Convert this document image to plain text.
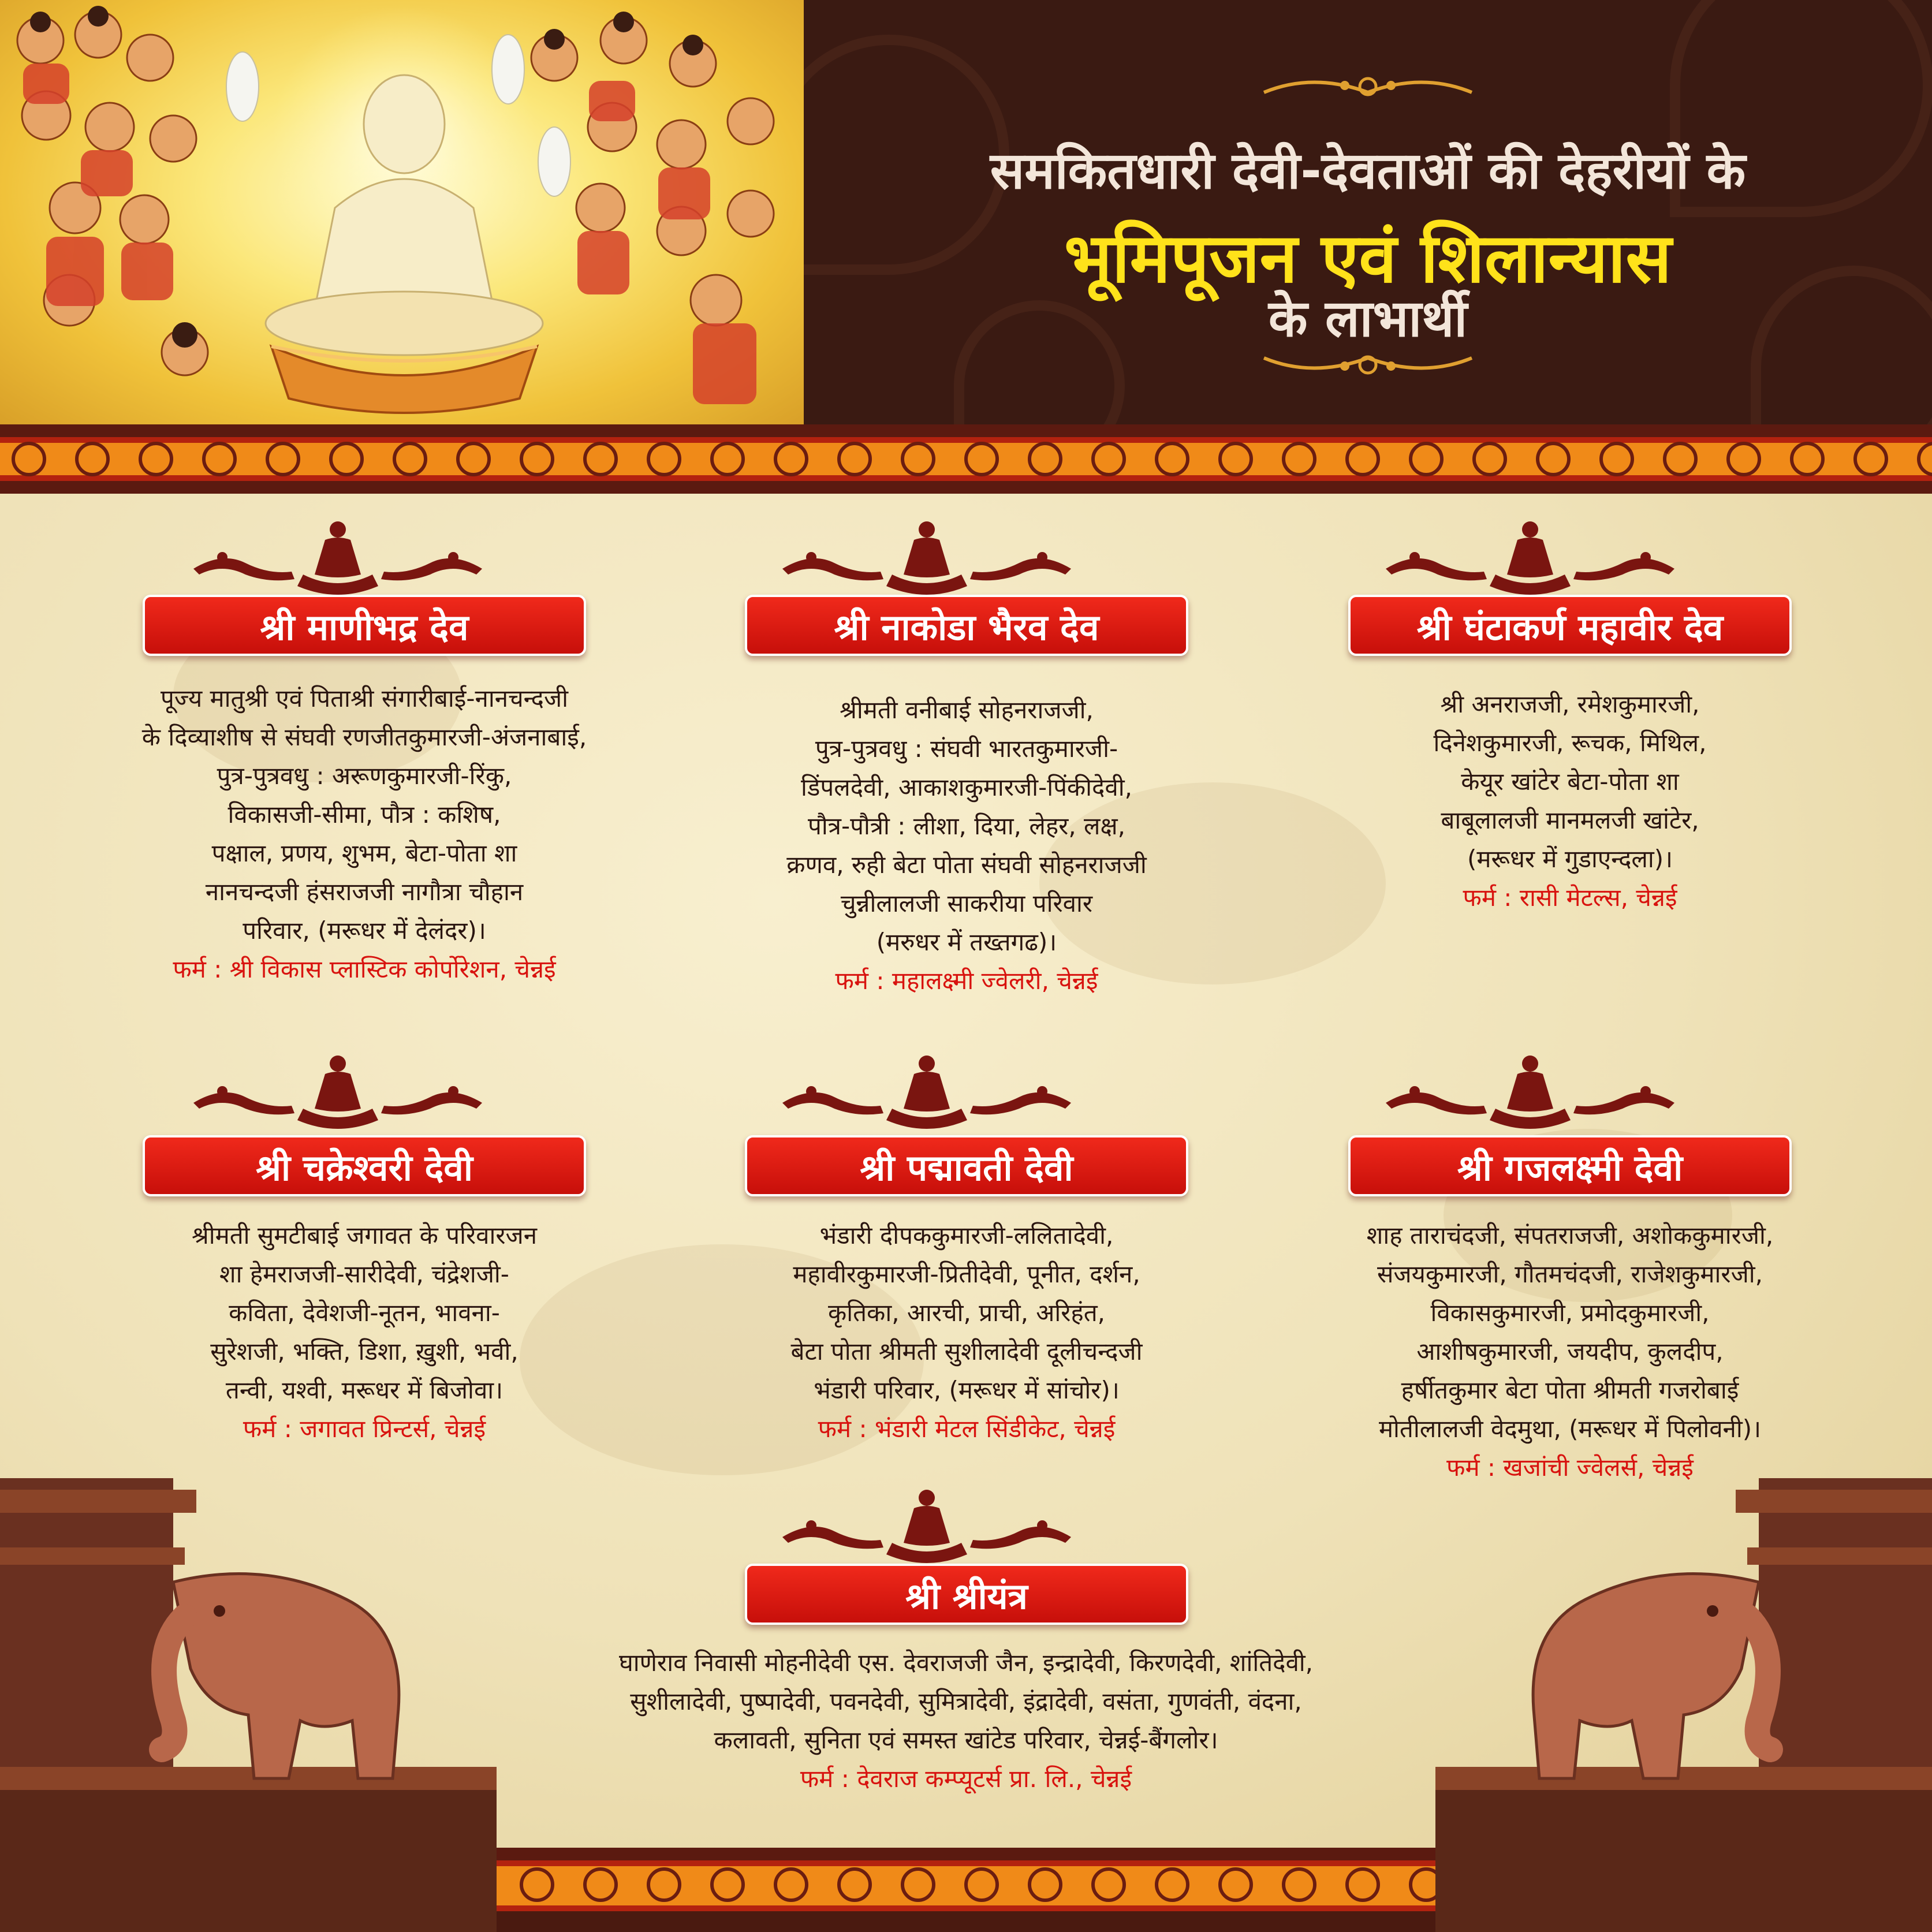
समकितधारी देवी-देवताओं की देहरीयों के
भूमिपूजन एवं शिलान्यास
के लाभार्थी
श्री माणीभद्र देव
पूज्य मातुश्री एवं पिताश्री संगारीबाई-नानचन्दजी
के दिव्याशीष से संघवी रणजीतकुमारजी-अंजनाबाई,
पुत्र-पुत्रवधु : अरूणकुमारजी-रिंकु,
विकासजी-सीमा, पौत्र : कशिष,
पक्षाल, प्रणय, शुभम, बेटा-पोता शा
नानचन्दजी हंसराजजी नागौत्रा चौहान
परिवार, (मरूधर में देलंदर)।
फर्म : श्री विकास प्लास्टिक कोर्पोरेशन, चेन्नई
श्री नाकोडा भैरव देव
श्रीमती वनीबाई सोहनराजजी,
पुत्र-पुत्रवधु : संघवी भारतकुमारजी-
डिंपलदेवी, आकाशकुमारजी-पिंकीदेवी,
पौत्र-पौत्री : लीशा, दिया, लेहर, लक्ष,
क्रणव, रुही बेटा पोता संघवी सोहनराजजी
चुन्नीलालजी साकरीया परिवार
(मरुधर में तख्तगढ)।
फर्म : महालक्ष्मी ज्वेलरी, चेन्नई
श्री घंटाकर्ण महावीर देव
श्री अनराजजी, रमेशकुमारजी,
दिनेशकुमारजी, रूचक, मिथिल,
केयूर खांटेर बेटा-पोता शा
बाबूलालजी मानमलजी खांटेर,
(मरूधर में गुडाएन्दला)।
फर्म : रासी मेटल्स, चेन्नई
श्री चक्रेश्वरी देवी
श्रीमती सुमटीबाई जगावत के परिवारजन
शा हेमराजजी-सारीदेवी, चंद्रेशजी-
कविता, देवेशजी-नूतन, भावना-
सुरेशजी, भक्ति, डिशा, ख़ुशी, भवी,
तन्वी, यश्वी, मरूधर में बिजोवा।
फर्म : जगावत प्रिन्टर्स, चेन्नई
श्री पद्मावती देवी
भंडारी दीपककुमारजी-ललितादेवी,
महावीरकुमारजी-प्रितीदेवी, पूनीत, दर्शन,
कृतिका, आरची, प्राची, अरिहंत,
बेटा पोता श्रीमती सुशीलादेवी दूलीचन्दजी
भंडारी परिवार, (मरूधर में सांचोर)।
फर्म : भंडारी मेटल सिंडीकेट, चेन्नई
श्री गजलक्ष्मी देवी
शाह ताराचंदजी, संपतराजजी, अशोककुमारजी,
संजयकुमारजी, गौतमचंदजी, राजेशकुमारजी,
विकासकुमारजी, प्रमोदकुमारजी,
आशीषकुमारजी, जयदीप, कुलदीप,
हर्षीतकुमार बेटा पोता श्रीमती गजरोबाई
मोतीलालजी वेदमुथा, (मरूधर में पिलोवनी)।
फर्म : खजांची ज्वेलर्स, चेन्नई
श्री श्रीयंत्र
घाणेराव निवासी मोहनीदेवी एस. देवराजजी जैन, इन्द्रादेवी, किरणदेवी, शांतिदेवी,
सुशीलादेवी, पुष्पादेवी, पवनदेवी, सुमित्रादेवी, इंद्रादेवी, वसंता, गुणवंती, वंदना,
कलावती, सुनिता एवं समस्त खांटेड परिवार, चेन्नई-बैंगलोर।
फर्म : देवराज कम्प्यूटर्स प्रा. लि., चेन्नई
